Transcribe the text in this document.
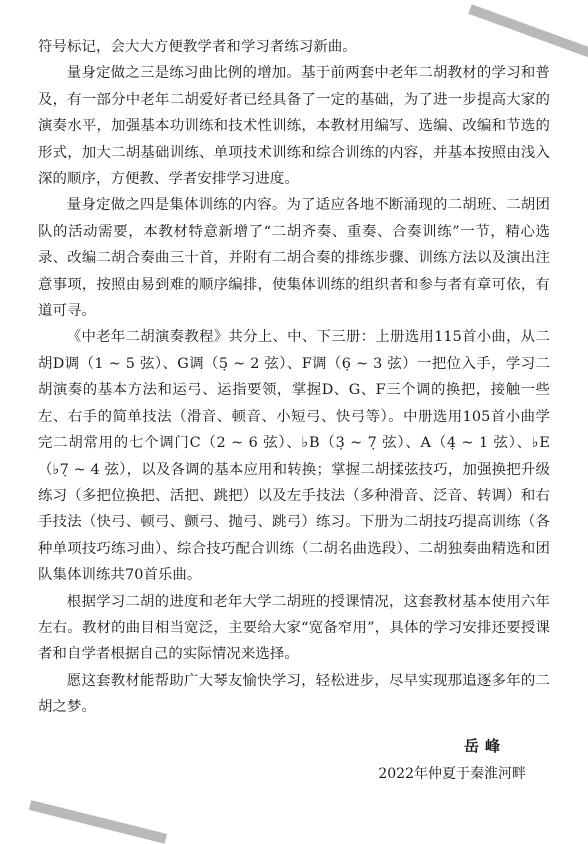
符号标记，会大大方便教学者和学习者练习新曲。

量身定做之三是练习曲比例的增加。基于前两套中老年二胡教材的学习和普及，有一部分中老年二胡爱好者已经具备了一定的基础，为了进一步提高大家的演奏水平，加强基本功训练和技术性训练，本教材用编写、选编、改编和节选的形式，加大二胡基础训练、单项技术训练和综合训练的内容，并基本按照由浅入深的顺序，方便教、学者安排学习进度。

量身定做之四是集体训练的内容。为了适应各地不断涌现的二胡班、二胡团队的活动需要，本教材特意新增了“二胡齐奏、重奏、合奏训练”一节，精心选录、改编二胡合奏曲三十首，并附有二胡合奏的排练步骤、训练方法以及演出注意事项，按照由易到难的顺序编排，使集体训练的组织者和参与者有章可依，有道可寻。

《中老年二胡演奏教程》共分上、中、下三册：上册选用115首小曲，从二胡D调（1 ~ 5 弦）、G调（5̣ ~ 2 弦）、F调（6̣ ~ 3 弦）一把位入手，学习二胡演奏的基本方法和运弓、运指要领，掌握D、G、F三个调的换把，接触一些左、右手的简单技法（滑音、顿音、小短弓、快弓等）。中册选用105首小曲学完二胡常用的七个调门C（2 ~ 6 弦）、♭B（3̣ ~ 7̣ 弦）、A（4̣ ~ 1 弦）、♭E（♭7̣ ~ 4 弦），以及各调的基本应用和转换；掌握二胡揉弦技巧，加强换把升级练习（多把位换把、活把、跳把）以及左手技法（多种滑音、泛音、转调）和右手技法（快弓、顿弓、颤弓、抛弓、跳弓）练习。下册为二胡技巧提高训练（各种单项技巧练习曲）、综合技巧配合训练（二胡名曲选段）、二胡独奏曲精选和团队集体训练共70首乐曲。

根据学习二胡的进度和老年大学二胡班的授课情况，这套教材基本使用六年左右。教材的曲目相当宽泛，主要给大家“宽备窄用”，具体的学习安排还要授课者和自学者根据自己的实际情况来选择。

愿这套教材能帮助广大琴友愉快学习，轻松进步，尽早实现那追逐多年的二胡之梦。

岳峰
2022年仲夏于秦淮河畔
